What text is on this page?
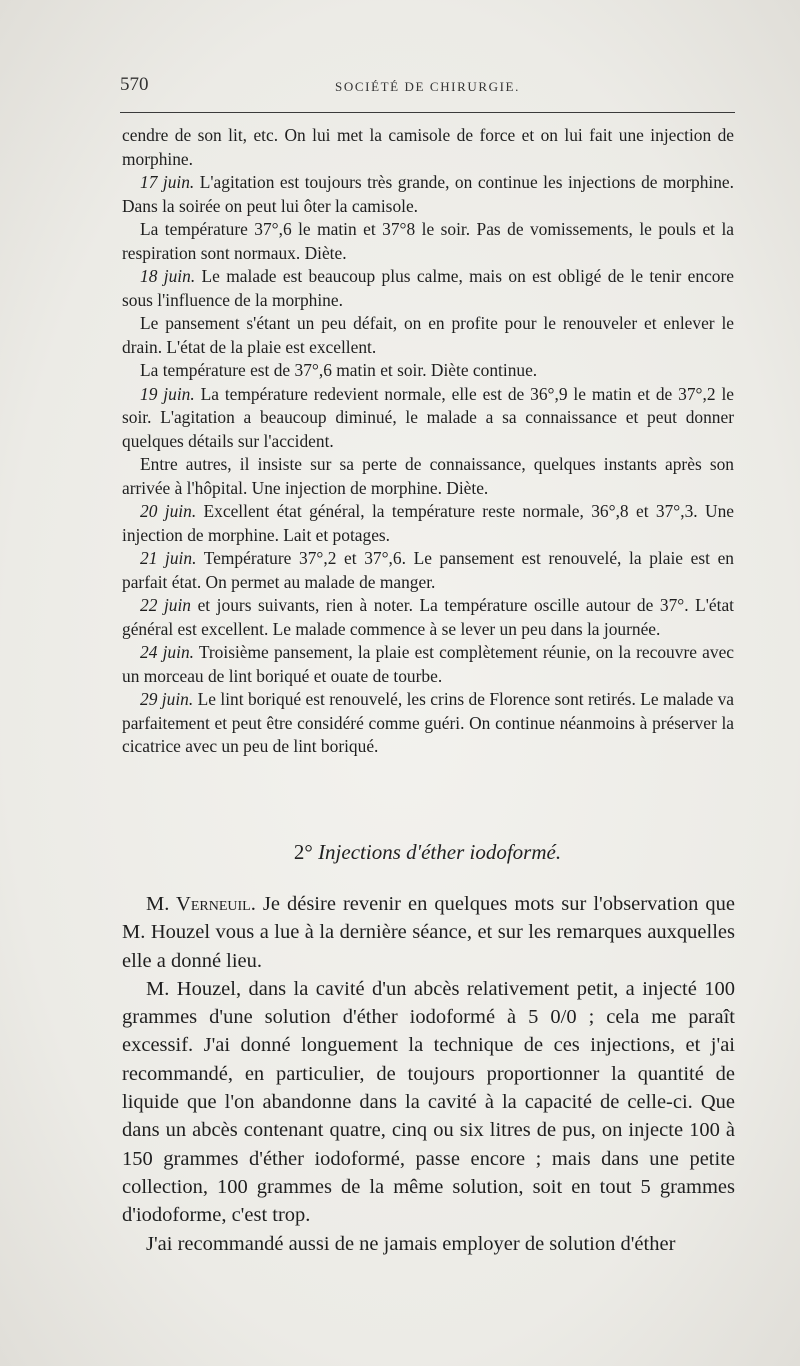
570	SOCIÉTÉ DE CHIRURGIE.

cendre de son lit, etc. On lui met la camisole de force et on lui fait une injection de morphine.

17 juin. L'agitation est toujours très grande, on continue les injections de morphine. Dans la soirée on peut lui ôter la camisole.

La température 37°,6 le matin et 37°8 le soir. Pas de vomissements, le pouls et la respiration sont normaux. Diète.

18 juin. Le malade est beaucoup plus calme, mais on est obligé de le tenir encore sous l'influence de la morphine.

Le pansement s'étant un peu défait, on en profite pour le renouveler et enlever le drain. L'état de la plaie est excellent.

La température est de 37°,6 matin et soir. Diète continue.

19 juin. La température redevient normale, elle est de 36°,9 le matin et de 37°,2 le soir. L'agitation a beaucoup diminué, le malade a sa connaissance et peut donner quelques détails sur l'accident.

Entre autres, il insiste sur sa perte de connaissance, quelques instants après son arrivée à l'hôpital. Une injection de morphine. Diète.

20 juin. Excellent état général, la température reste normale, 36°,8 et 37°,3. Une injection de morphine. Lait et potages.

21 juin. Température 37°,2 et 37°,6. Le pansement est renouvelé, la plaie est en parfait état. On permet au malade de manger.

22 juin et jours suivants, rien à noter. La température oscille autour de 37°. L'état général est excellent. Le malade commence à se lever un peu dans la journée.

24 juin. Troisième pansement, la plaie est complètement réunie, on la recouvre avec un morceau de lint boriqué et ouate de tourbe.

29 juin. Le lint boriqué est renouvelé, les crins de Florence sont retirés. Le malade va parfaitement et peut être considéré comme guéri. On continue néanmoins à préserver la cicatrice avec un peu de lint boriqué.

2° Injections d'éther iodoformé.

M. Verneuil. Je désire revenir en quelques mots sur l'observation que M. Houzel vous a lue à la dernière séance, et sur les remarques auxquelles elle a donné lieu.

M. Houzel, dans la cavité d'un abcès relativement petit, a injecté 100 grammes d'une solution d'éther iodoformé à 5 0/0 ; cela me paraît excessif. J'ai donné longuement la technique de ces injections, et j'ai recommandé, en particulier, de toujours proportionner la quantité de liquide que l'on abandonne dans la cavité à la capacité de celle-ci. Que dans un abcès contenant quatre, cinq ou six litres de pus, on injecte 100 à 150 grammes d'éther iodoformé, passe encore ; mais dans une petite collection, 100 grammes de la même solution, soit en tout 5 grammes d'iodoforme, c'est trop.

J'ai recommandé aussi de ne jamais employer de solution d'éther
